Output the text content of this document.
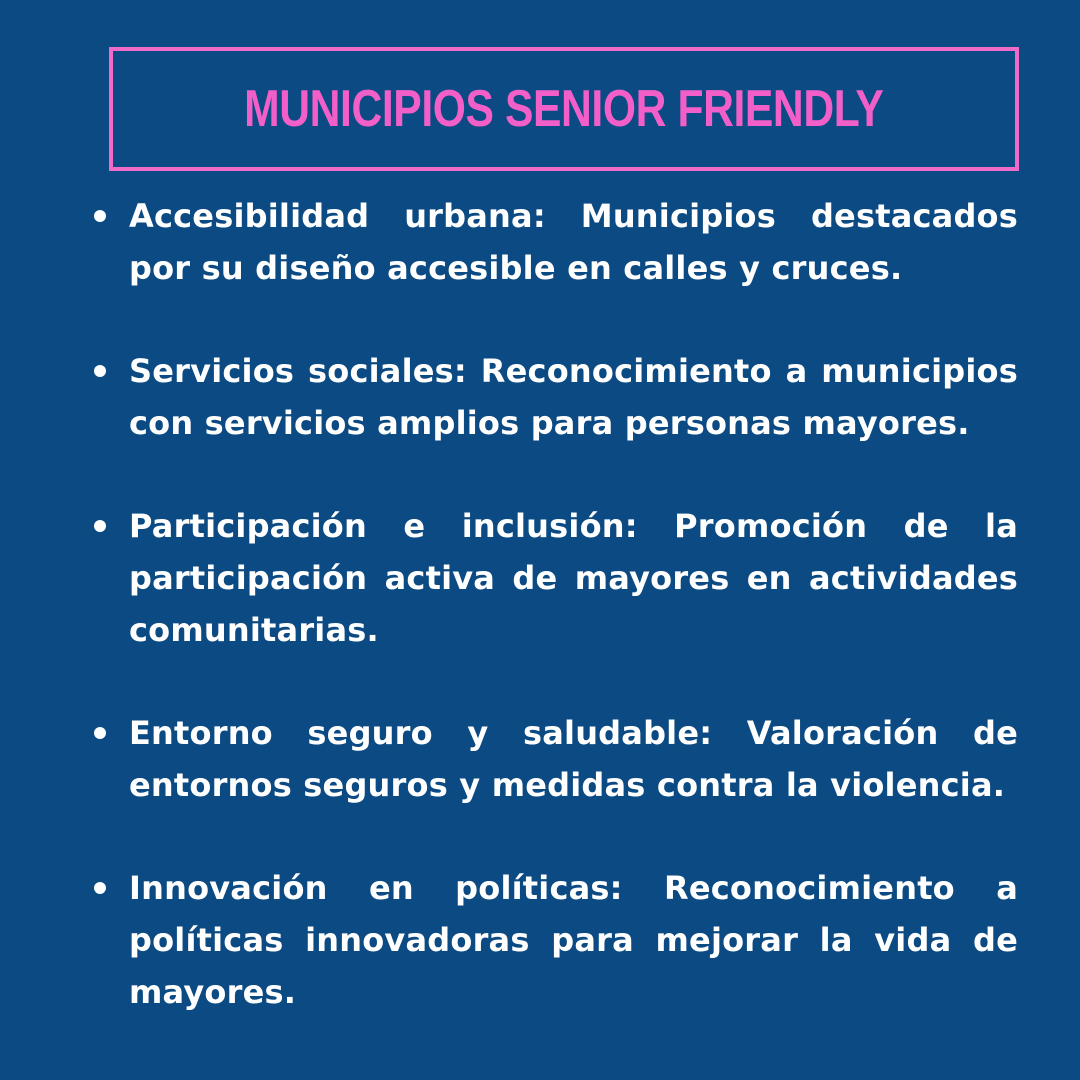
MUNICIPIOS SENIOR FRIENDLY
Accesibilidad urbana: Municipios destacados por su diseño accesible en calles y cruces.
Servicios sociales: Reconocimiento a municipios con servicios amplios para personas mayores.
Participación e inclusión: Promoción de la participación activa de mayores en actividades comunitarias.
Entorno seguro y saludable: Valoración de entornos seguros y medidas contra la violencia.
Innovación en políticas: Reconocimiento a políticas innovadoras para mejorar la vida de mayores.
